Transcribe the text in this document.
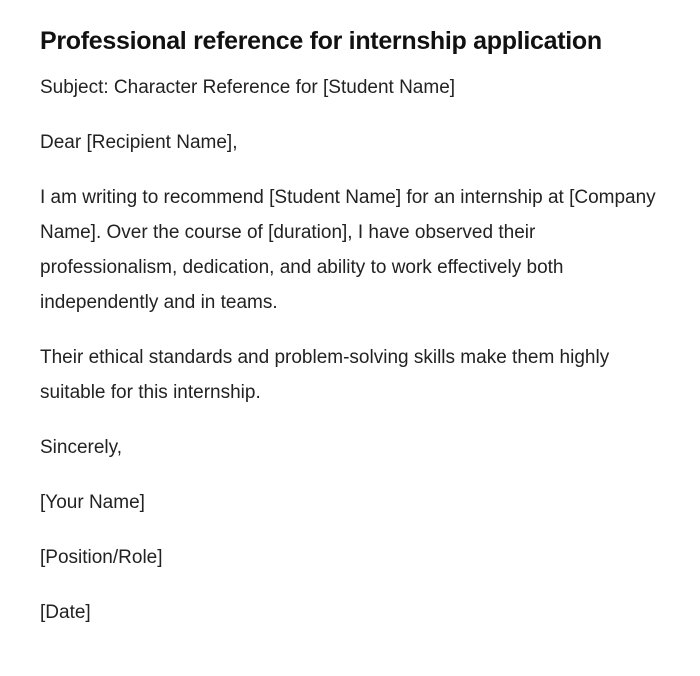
Professional reference for internship application

Subject: Character Reference for [Student Name]

Dear [Recipient Name],

I am writing to recommend [Student Name] for an internship at [Company Name]. Over the course of [duration], I have observed their professionalism, dedication, and ability to work effectively both independently and in teams.

Their ethical standards and problem-solving skills make them highly suitable for this internship.

Sincerely,

[Your Name]

[Position/Role]

[Date]
